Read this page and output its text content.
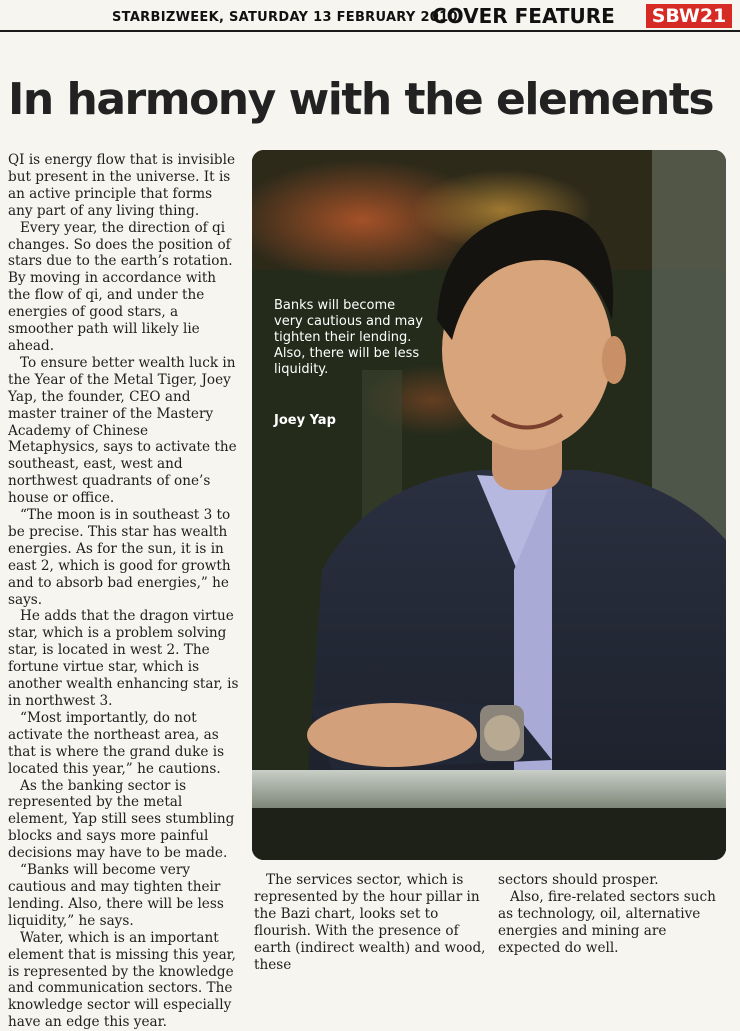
STARBIZWEEK, SATURDAY 13 FEBRUARY 2010
COVER FEATURE	SBW21
In harmony with the elements

QI is energy flow that is invisible but present in the universe. It is an active principle that forms any part of any living thing.

Every year, the direction of qi changes. So does the position of stars due to the earth’s rotation. By moving in accordance with the flow of qi, and under the energies of good stars, a smoother path will likely lie ahead.

To ensure better wealth luck in the Year of the Metal Tiger, Joey Yap, the founder, CEO and master trainer of the Mastery Academy of Chinese Metaphysics, says to activate the southeast, east, west and northwest quadrants of one’s house or office.

“The moon is in southeast 3 to be precise. This star has wealth energies. As for the sun, it is in east 2, which is good for growth and to absorb bad energies,” he says.

He adds that the dragon virtue star, which is a problem solving star, is located in west 2. The fortune virtue star, which is another wealth enhancing star, is in northwest 3.

“Most importantly, do not activate the northeast area, as that is where the grand duke is located this year,” he cautions.

As the banking sector is represented by the metal element, Yap still sees stumbling blocks and says more painful decisions may have to be made.

“Banks will become very cautious and may tighten their lending. Also, there will be less liquidity,” he says.

Water, which is an important element that is missing this year, is represented by the knowledge and communication sectors. The knowledge sector will especially have an edge this year.

Banks will become very cautious and may tighten their lending. Also, there will be less liquidity.
Joey Yap

The services sector, which is represented by the hour pillar in the Bazi chart, looks set to flourish. With the presence of earth (indirect wealth) and wood, these

sectors should prosper.

Also, fire-related sectors such as technology, oil, alternative energies and mining are expected do well.
